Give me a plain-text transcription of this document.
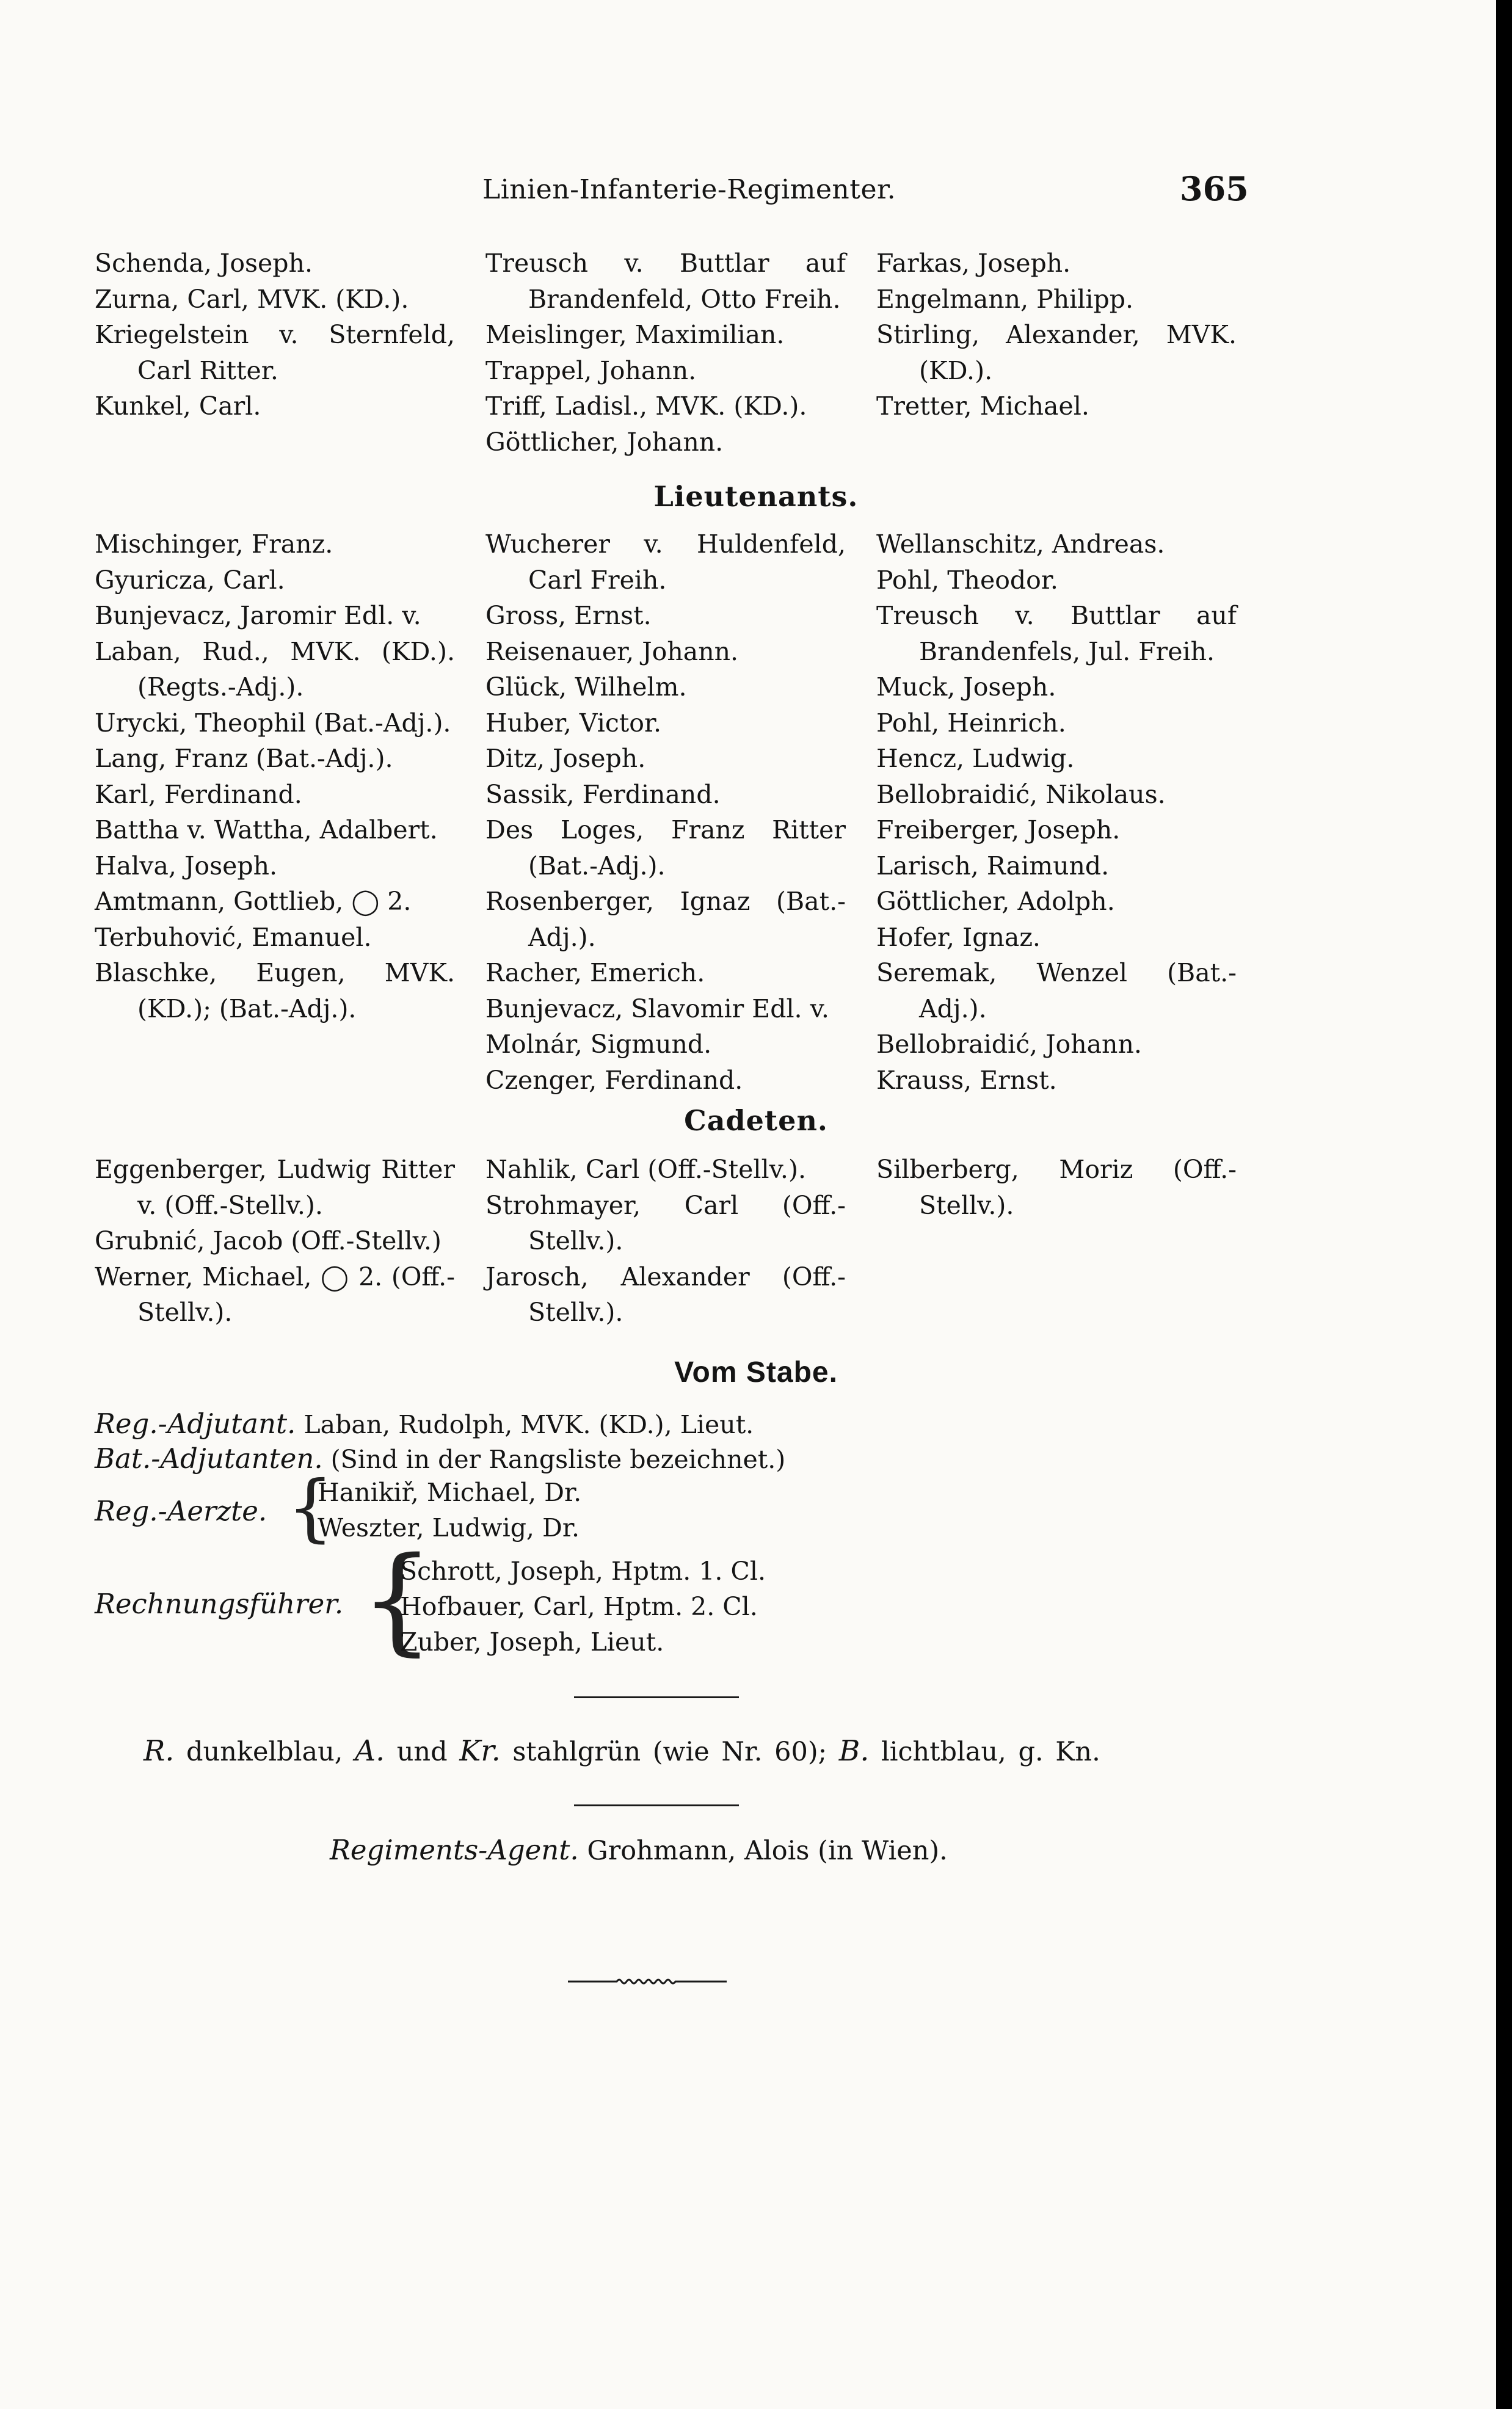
Linien-Infanterie-Regimenter.	365
Schenda, Joseph.
Zurna, Carl, MVK. (KD.).
Kriegelstein v. Sternfeld, Carl Ritter.
Kunkel, Carl.
Treusch v. Buttlar auf Brandenfeld, Otto Freih.
Meislinger, Maximilian.
Trappel, Johann.
Triff, Ladisl., MVK. (KD.).
Göttlicher, Johann.
Farkas, Joseph.
Engelmann, Philipp.
Stirling, Alexander, MVK. (KD.).
Tretter, Michael.
Lieutenants.
Mischinger, Franz.
Gyuricza, Carl.
Bunjevacz, Jaromir Edl. v.
Laban, Rud., MVK. (KD.). (Regts.-Adj.).
Urycki, Theophil (Bat.-Adj.).
Lang, Franz (Bat.-Adj.).
Karl, Ferdinand.
Battha v. Wattha, Adalbert.
Halva, Joseph.
Amtmann, Gottlieb, ◯ 2.
Terbuhović, Emanuel.
Blaschke, Eugen, MVK. (KD.); (Bat.-Adj.).
Wucherer v. Huldenfeld, Carl Freih.
Gross, Ernst.
Reisenauer, Johann.
Glück, Wilhelm.
Huber, Victor.
Ditz, Joseph.
Sassik, Ferdinand.
Des Loges, Franz Ritter (Bat.-Adj.).
Rosenberger, Ignaz (Bat.-Adj.).
Racher, Emerich.
Bunjevacz, Slavomir Edl. v.
Molnár, Sigmund.
Czenger, Ferdinand.
Wellanschitz, Andreas.
Pohl, Theodor.
Treusch v. Buttlar auf Brandenfels, Jul. Freih.
Muck, Joseph.
Pohl, Heinrich.
Hencz, Ludwig.
Bellobraidić, Nikolaus.
Freiberger, Joseph.
Larisch, Raimund.
Göttlicher, Adolph.
Hofer, Ignaz.
Seremak, Wenzel (Bat.-Adj.).
Bellobraidić, Johann.
Krauss, Ernst.
Cadeten.
Eggenberger, Ludwig Ritter v. (Off.-Stellv.).
Grubnić, Jacob (Off.-Stellv.)
Werner, Michael, ◯ 2. (Off.-Stellv.).
Nahlik, Carl (Off.-Stellv.).
Strohmayer, Carl (Off.-Stellv.).
Jarosch, Alexander (Off.-Stellv.).
Silberberg, Moriz (Off.-Stellv.).
Vom Stabe.
Reg.-Adjutant. Laban, Rudolph, MVK. (KD.), Lieut.
Bat.-Adjutanten. (Sind in der Rangsliste bezeichnet.)
Reg.-Aerzte. {
Hanikiř, Michael, Dr.
Weszter, Ludwig, Dr.
Rechnungsführer. {
Schrott, Joseph, Hptm. 1. Cl.
Hofbauer, Carl, Hptm. 2. Cl.
Zuber, Joseph, Lieut.
R. dunkelblau, A. und Kr. stahlgrün (wie Nr. 60); B. lichtblau, g. Kn.
Regiments-Agent. Grohmann, Alois (in Wien).
